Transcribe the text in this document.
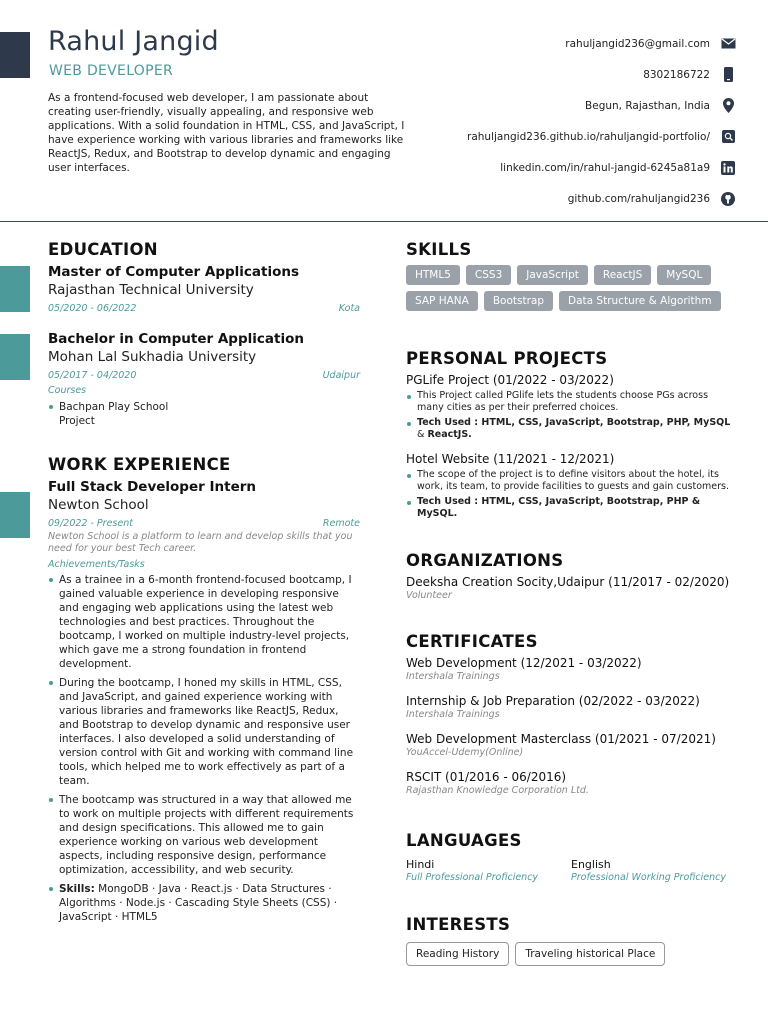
Rahul Jangid
WEB DEVELOPER

As a frontend-focused web developer, I am passionate about creating user-friendly, visually appealing, and responsive web applications. With a solid foundation in HTML, CSS, and JavaScript, I have experience working with various libraries and frameworks like ReactJS, Redux, and Bootstrap to develop dynamic and engaging user interfaces.

rahuljangid236@gmail.com
8302186722
Begun, Rajasthan, India
rahuljangid236.github.io/rahuljangid-portfolio/
linkedin.com/in/rahul-jangid-6245a81a9
github.com/rahuljangid236
EDUCATION
Master of Computer Applications
Rajasthan Technical University
05/2020 - 06/2022	Kota
Bachelor in Computer Application
Mohan Lal Sukhadia University
05/2017 - 04/2020	Udaipur
Courses
Bachpan Play School Project
WORK EXPERIENCE
Full Stack Developer Intern
Newton School
09/2022 - Present	Remote
Newton School is a platform to learn and develop skills that you need for your best Tech career.
Achievements/Tasks
As a trainee in a 6-month frontend-focused bootcamp, I gained valuable experience in developing responsive and engaging web applications using the latest web technologies and best practices. Throughout the bootcamp, I worked on multiple industry-level projects, which gave me a strong foundation in frontend development.
During the bootcamp, I honed my skills in HTML, CSS, and JavaScript, and gained experience working with various libraries and frameworks like ReactJS, Redux, and Bootstrap to develop dynamic and responsive user interfaces. I also developed a solid understanding of version control with Git and working with command line tools, which helped me to work effectively as part of a team.
The bootcamp was structured in a way that allowed me to work on multiple projects with different requirements and design specifications. This allowed me to gain experience working on various web development aspects, including responsive design, performance optimization, accessibility, and web security.
Skills: MongoDB · Java · React.js · Data Structures · Algorithms · Node.js · Cascading Style Sheets (CSS) · JavaScript · HTML5
SKILLS
HTML5	CSS3	JavaScript	ReactJS	MySQL
SAP HANA	Bootstrap	Data Structure & Algorithm
PERSONAL PROJECTS
PGLife Project (01/2022 - 03/2022)
This Project called PGlife lets the students choose PGs across many cities as per their preferred choices.
Tech Used : HTML, CSS, JavaScript, Bootstrap, PHP, MySQL & ReactJS.
Hotel Website (11/2021 - 12/2021)
The scope of the project is to define visitors about the hotel, its work, its team, to provide facilities to guests and gain customers.
Tech Used : HTML, CSS, JavaScript, Bootstrap, PHP & MySQL.
ORGANIZATIONS
Deeksha Creation Socity,Udaipur (11/2017 - 02/2020)
Volunteer
CERTIFICATES
Web Development (12/2021 - 03/2022)
Intershala Trainings
Internship & Job Preparation (02/2022 - 03/2022)
Intershala Trainings
Web Development Masterclass (01/2021 - 07/2021)
YouAccel-Udemy(Online)
RSCIT (01/2016 - 06/2016)
Rajasthan Knowledge Corporation Ltd.
LANGUAGES
Hindi
Full Professional Proficiency
English
Professional Working Proficiency
INTERESTS
Reading History	Traveling historical Place
